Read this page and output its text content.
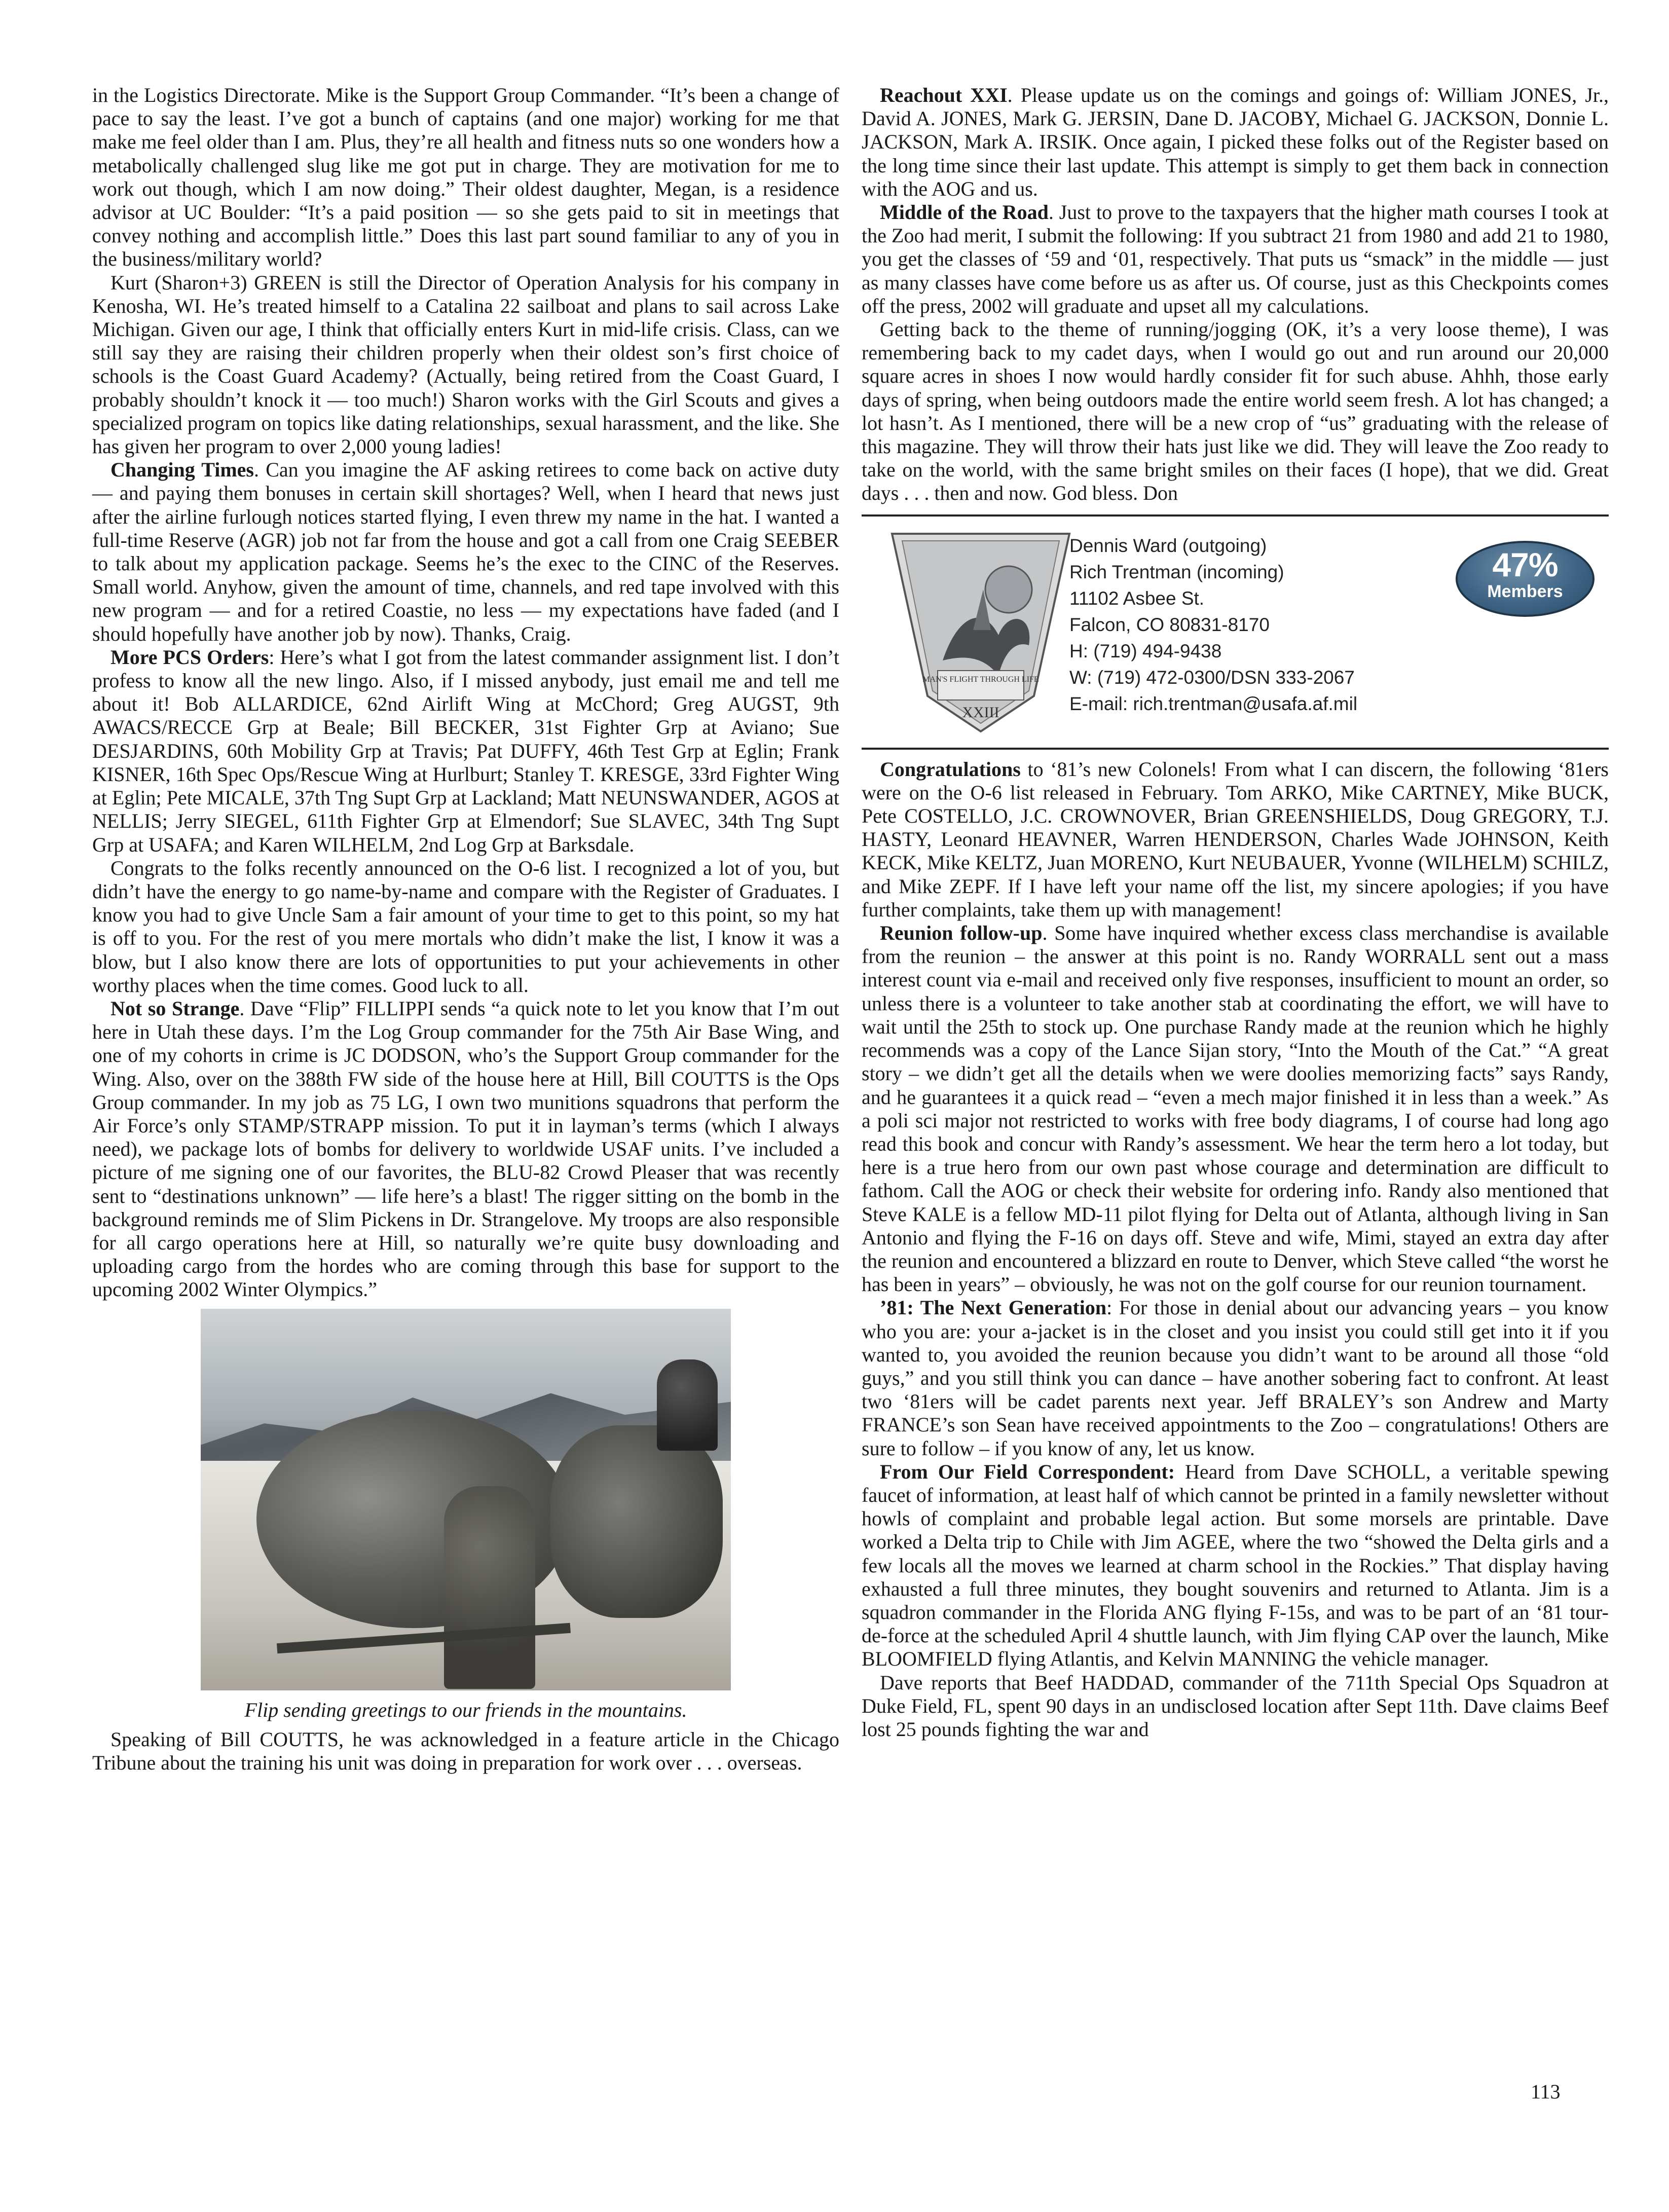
in the Logistics Directorate. Mike is the Support Group Commander. “It’s been a change of pace to say the least. I’ve got a bunch of captains (and one major) working for me that make me feel older than I am. Plus, they’re all health and fitness nuts so one wonders how a metabolically challenged slug like me got put in charge. They are motivation for me to work out though, which I am now doing.” Their oldest daughter, Megan, is a residence advisor at UC Boulder: “It’s a paid position — so she gets paid to sit in meetings that convey nothing and accomplish little.” Does this last part sound familiar to any of you in the business/military world?

Kurt (Sharon+3) GREEN is still the Director of Operation Analysis for his company in Kenosha, WI. He’s treated himself to a Catalina 22 sailboat and plans to sail across Lake Michigan. Given our age, I think that officially enters Kurt in mid-life crisis. Class, can we still say they are raising their children properly when their oldest son’s first choice of schools is the Coast Guard Academy? (Actually, being retired from the Coast Guard, I probably shouldn’t knock it — too much!) Sharon works with the Girl Scouts and gives a specialized program on topics like dating relationships, sexual harassment, and the like. She has given her program to over 2,000 young ladies!

Changing Times. Can you imagine the AF asking retirees to come back on active duty — and paying them bonuses in certain skill shortages? Well, when I heard that news just after the airline furlough notices started flying, I even threw my name in the hat. I wanted a full-time Reserve (AGR) job not far from the house and got a call from one Craig SEEBER to talk about my application package. Seems he’s the exec to the CINC of the Reserves. Small world. Anyhow, given the amount of time, channels, and red tape involved with this new program — and for a retired Coastie, no less — my expectations have faded (and I should hopefully have another job by now). Thanks, Craig.

More PCS Orders: Here’s what I got from the latest commander assignment list. I don’t profess to know all the new lingo. Also, if I missed anybody, just email me and tell me about it! Bob ALLARDICE, 62nd Airlift Wing at McChord; Greg AUGST, 9th AWACS/RECCE Grp at Beale; Bill BECKER, 31st Fighter Grp at Aviano; Sue DESJARDINS, 60th Mobility Grp at Travis; Pat DUFFY, 46th Test Grp at Eglin; Frank KISNER, 16th Spec Ops/Rescue Wing at Hurlburt; Stanley T. KRESGE, 33rd Fighter Wing at Eglin; Pete MICALE, 37th Tng Supt Grp at Lackland; Matt NEUNSWANDER, AGOS at NELLIS; Jerry SIEGEL, 611th Fighter Grp at Elmendorf; Sue SLAVEC, 34th Tng Supt Grp at USAFA; and Karen WILHELM, 2nd Log Grp at Barksdale.

Congrats to the folks recently announced on the O-6 list. I recognized a lot of you, but didn’t have the energy to go name-by-name and compare with the Register of Graduates. I know you had to give Uncle Sam a fair amount of your time to get to this point, so my hat is off to you. For the rest of you mere mortals who didn’t make the list, I know it was a blow, but I also know there are lots of opportunities to put your achievements in other worthy places when the time comes. Good luck to all.

Not so Strange. Dave “Flip” FILLIPPI sends “a quick note to let you know that I’m out here in Utah these days. I’m the Log Group commander for the 75th Air Base Wing, and one of my cohorts in crime is JC DODSON, who’s the Support Group commander for the Wing. Also, over on the 388th FW side of the house here at Hill, Bill COUTTS is the Ops Group commander. In my job as 75 LG, I own two munitions squadrons that perform the Air Force’s only STAMP/STRAPP mission. To put it in layman’s terms (which I always need), we package lots of bombs for delivery to worldwide USAF units. I’ve included a picture of me signing one of our favorites, the BLU-82 Crowd Pleaser that was recently sent to “destinations unknown” — life here’s a blast! The rigger sitting on the bomb in the background reminds me of Slim Pickens in Dr. Strangelove. My troops are also responsible for all cargo operations here at Hill, so naturally we’re quite busy downloading and uploading cargo from the hordes who are coming through this base for support to the upcoming 2002 Winter Olympics.”

Flip sending greetings to our friends in the mountains.

Speaking of Bill COUTTS, he was acknowledged in a feature article in the Chicago Tribune about the training his unit was doing in preparation for work over . . . overseas.

Reachout XXI. Please update us on the comings and goings of: William JONES, Jr., David A. JONES, Mark G. JERSIN, Dane D. JACOBY, Michael G. JACKSON, Donnie L. JACKSON, Mark A. IRSIK. Once again, I picked these folks out of the Register based on the long time since their last update. This attempt is simply to get them back in connection with the AOG and us.

Middle of the Road. Just to prove to the taxpayers that the higher math courses I took at the Zoo had merit, I submit the following: If you subtract 21 from 1980 and add 21 to 1980, you get the classes of ‘59 and ‘01, respectively. That puts us “smack” in the middle — just as many classes have come before us as after us. Of course, just as this Checkpoints comes off the press, 2002 will graduate and upset all my calculations.

Getting back to the theme of running/jogging (OK, it’s a very loose theme), I was remembering back to my cadet days, when I would go out and run around our 20,000 square acres in shoes I now would hardly consider fit for such abuse. Ahhh, those early days of spring, when being outdoors made the entire world seem fresh. A lot has changed; a lot hasn’t. As I mentioned, there will be a new crop of “us” graduating with the release of this magazine. They will throw their hats just like we did. They will leave the Zoo ready to take on the world, with the same bright smiles on their faces (I hope), that we did. Great days . . . then and now. God bless. Don

MAN'S FLIGHT THROUGH LIFE
XXIII
Dennis Ward (outgoing)
Rich Trentman (incoming)
11102 Asbee St.
Falcon, CO 80831-8170
H: (719) 494-9438
W: (719) 472-0300/DSN 333-2067
E-mail: rich.trentman@usafa.af.mil
47%
Members

Congratulations to ‘81’s new Colonels! From what I can discern, the following ‘81ers were on the O-6 list released in February. Tom ARKO, Mike CARTNEY, Mike BUCK, Pete COSTELLO, J.C. CROWNOVER, Brian GREENSHIELDS, Doug GREGORY, T.J. HASTY, Leonard HEAVNER, Warren HENDERSON, Charles Wade JOHNSON, Keith KECK, Mike KELTZ, Juan MORENO, Kurt NEUBAUER, Yvonne (WILHELM) SCHILZ, and Mike ZEPF. If I have left your name off the list, my sincere apologies; if you have further complaints, take them up with management!

Reunion follow-up. Some have inquired whether excess class merchandise is available from the reunion – the answer at this point is no. Randy WORRALL sent out a mass interest count via e-mail and received only five responses, insufficient to mount an order, so unless there is a volunteer to take another stab at coordinating the effort, we will have to wait until the 25th to stock up. One purchase Randy made at the reunion which he highly recommends was a copy of the Lance Sijan story, “Into the Mouth of the Cat.” “A great story – we didn’t get all the details when we were doolies memorizing facts” says Randy, and he guarantees it a quick read – “even a mech major finished it in less than a week.” As a poli sci major not restricted to works with free body diagrams, I of course had long ago read this book and concur with Randy’s assessment. We hear the term hero a lot today, but here is a true hero from our own past whose courage and determination are difficult to fathom. Call the AOG or check their website for ordering info. Randy also mentioned that Steve KALE is a fellow MD-11 pilot flying for Delta out of Atlanta, although living in San Antonio and flying the F-16 on days off. Steve and wife, Mimi, stayed an extra day after the reunion and encountered a blizzard en route to Denver, which Steve called “the worst he has been in years” – obviously, he was not on the golf course for our reunion tournament.

’81: The Next Generation: For those in denial about our advancing years – you know who you are: your a-jacket is in the closet and you insist you could still get into it if you wanted to, you avoided the reunion because you didn’t want to be around all those “old guys,” and you still think you can dance – have another sobering fact to confront. At least two ‘81ers will be cadet parents next year. Jeff BRALEY’s son Andrew and Marty FRANCE’s son Sean have received appointments to the Zoo – congratulations! Others are sure to follow – if you know of any, let us know.

From Our Field Correspondent: Heard from Dave SCHOLL, a veritable spewing faucet of information, at least half of which cannot be printed in a family newsletter without howls of complaint and probable legal action. But some morsels are printable. Dave worked a Delta trip to Chile with Jim AGEE, where the two “showed the Delta girls and a few locals all the moves we learned at charm school in the Rockies.” That display having exhausted a full three minutes, they bought souvenirs and returned to Atlanta. Jim is a squadron commander in the Florida ANG flying F-15s, and was to be part of an ‘81 tour-de-force at the scheduled April 4 shuttle launch, with Jim flying CAP over the launch, Mike BLOOMFIELD flying Atlantis, and Kelvin MANNING the vehicle manager.

Dave reports that Beef HADDAD, commander of the 711th Special Ops Squadron at Duke Field, FL, spent 90 days in an undisclosed location after Sept 11th. Dave claims Beef lost 25 pounds fighting the war and

113
